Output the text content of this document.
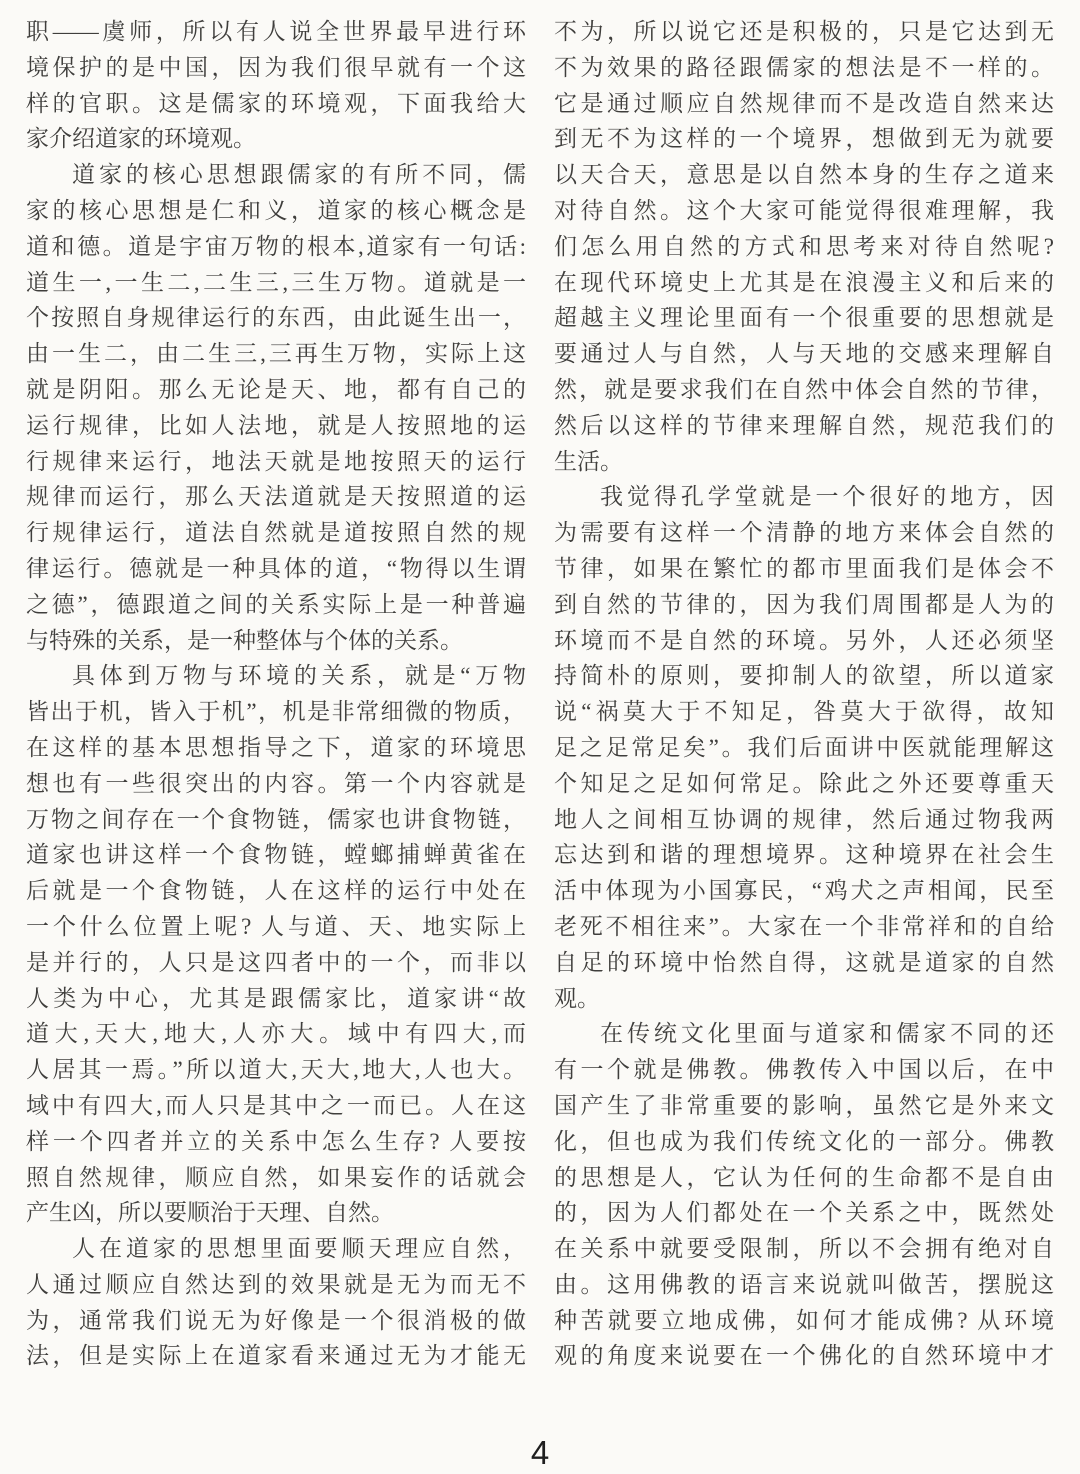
职——虞师，所以有人说全世界最早进行环
境保护的是中国，因为我们很早就有一个这
样的官职。这是儒家的环境观，下面我给大
家介绍道家的环境观。
道家的核心思想跟儒家的有所不同，儒
家的核心思想是仁和义，道家的核心概念是
道和德。道是宇宙万物的根本,道家有一句话:
道生一,一生二,二生三,三生万物。道就是一
个按照自身规律运行的东西，由此诞生出一，
由一生二，由二生三,三再生万物，实际上这
就是阴阳。那么无论是天、地，都有自己的
运行规律，比如人法地，就是人按照地的运
行规律来运行，地法天就是地按照天的运行
规律而运行，那么天法道就是天按照道的运
行规律运行，道法自然就是道按照自然的规
律运行。德就是一种具体的道，“物得以生谓
之德”，德跟道之间的关系实际上是一种普遍
与特殊的关系，是一种整体与个体的关系。
具体到万物与环境的关系，就是“万物
皆出于机，皆入于机”，机是非常细微的物质，
在这样的基本思想指导之下，道家的环境思
想也有一些很突出的内容。第一个内容就是
万物之间存在一个食物链，儒家也讲食物链，
道家也讲这样一个食物链，螳螂捕蝉黄雀在
后就是一个食物链，人在这样的运行中处在
一个什么位置上呢? 人与道、天、地实际上
是并行的，人只是这四者中的一个，而非以
人类为中心，尤其是跟儒家比，道家讲“故
道大,天大,地大,人亦大。域中有四大,而
人居其一焉。”所以道大,天大,地大,人也大。
域中有四大,而人只是其中之一而已。人在这
样一个四者并立的关系中怎么生存? 人要按
照自然规律，顺应自然，如果妄作的话就会
产生凶，所以要顺治于天理、自然。
人在道家的思想里面要顺天理应自然，
人通过顺应自然达到的效果就是无为而无不
为，通常我们说无为好像是一个很消极的做
法，但是实际上在道家看来通过无为才能无
不为，所以说它还是积极的，只是它达到无
不为效果的路径跟儒家的想法是不一样的。
它是通过顺应自然规律而不是改造自然来达
到无不为这样的一个境界，想做到无为就要
以天合天，意思是以自然本身的生存之道来
对待自然。这个大家可能觉得很难理解，我
们怎么用自然的方式和思考来对待自然呢?
在现代环境史上尤其是在浪漫主义和后来的
超越主义理论里面有一个很重要的思想就是
要通过人与自然，人与天地的交感来理解自
然，就是要求我们在自然中体会自然的节律，
然后以这样的节律来理解自然，规范我们的
生活。
我觉得孔学堂就是一个很好的地方，因
为需要有这样一个清静的地方来体会自然的
节律，如果在繁忙的都市里面我们是体会不
到自然的节律的，因为我们周围都是人为的
环境而不是自然的环境。另外，人还必须坚
持简朴的原则，要抑制人的欲望，所以道家
说“祸莫大于不知足，咎莫大于欲得，故知
足之足常足矣”。我们后面讲中医就能理解这
个知足之足如何常足。除此之外还要尊重天
地人之间相互协调的规律，然后通过物我两
忘达到和谐的理想境界。这种境界在社会生
活中体现为小国寡民，“鸡犬之声相闻，民至
老死不相往来”。大家在一个非常祥和的自给
自足的环境中怡然自得，这就是道家的自然
观。
在传统文化里面与道家和儒家不同的还
有一个就是佛教。佛教传入中国以后，在中
国产生了非常重要的影响，虽然它是外来文
化，但也成为我们传统文化的一部分。佛教
的思想是人，它认为任何的生命都不是自由
的，因为人们都处在一个关系之中，既然处
在关系中就要受限制，所以不会拥有绝对自
由。这用佛教的语言来说就叫做苦，摆脱这
种苦就要立地成佛，如何才能成佛? 从环境
观的角度来说要在一个佛化的自然环境中才
4
